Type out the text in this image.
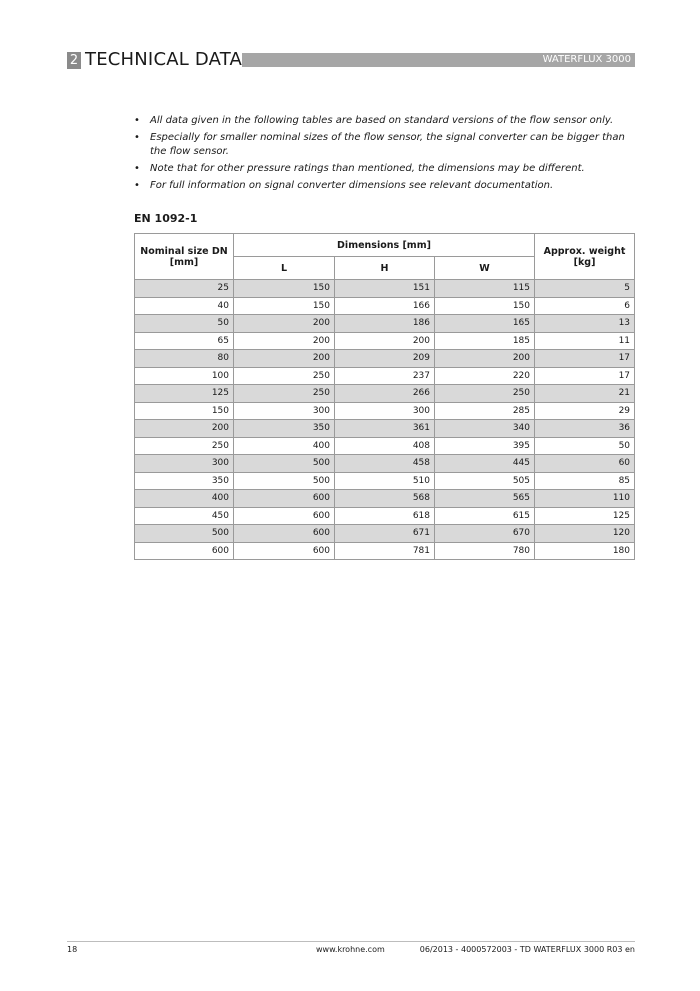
2 TECHNICAL DATA	WATERFLUX 3000
• All data given in the following tables are based on standard versions of the flow sensor only.
• Especially for smaller nominal sizes of the flow sensor, the signal converter can be bigger than the flow sensor.
• Note that for other pressure ratings than mentioned, the dimensions may be different.
• For full information on signal converter dimensions see relevant documentation.
EN 1092-1
Nominal size DN [mm]	Dimensions [mm]			Approx. weight [kg]
	L	H	W	
25	150	151	115	5
40	150	166	150	6
50	200	186	165	13
65	200	200	185	11
80	200	209	200	17
100	250	237	220	17
125	250	266	250	21
150	300	300	285	29
200	350	361	340	36
250	400	408	395	50
300	500	458	445	60
350	500	510	505	85
400	600	568	565	110
450	600	618	615	125
500	600	671	670	120
600	600	781	780	180
18	www.krohne.com	06/2013 - 4000572003 - TD WATERFLUX 3000 R03 en
